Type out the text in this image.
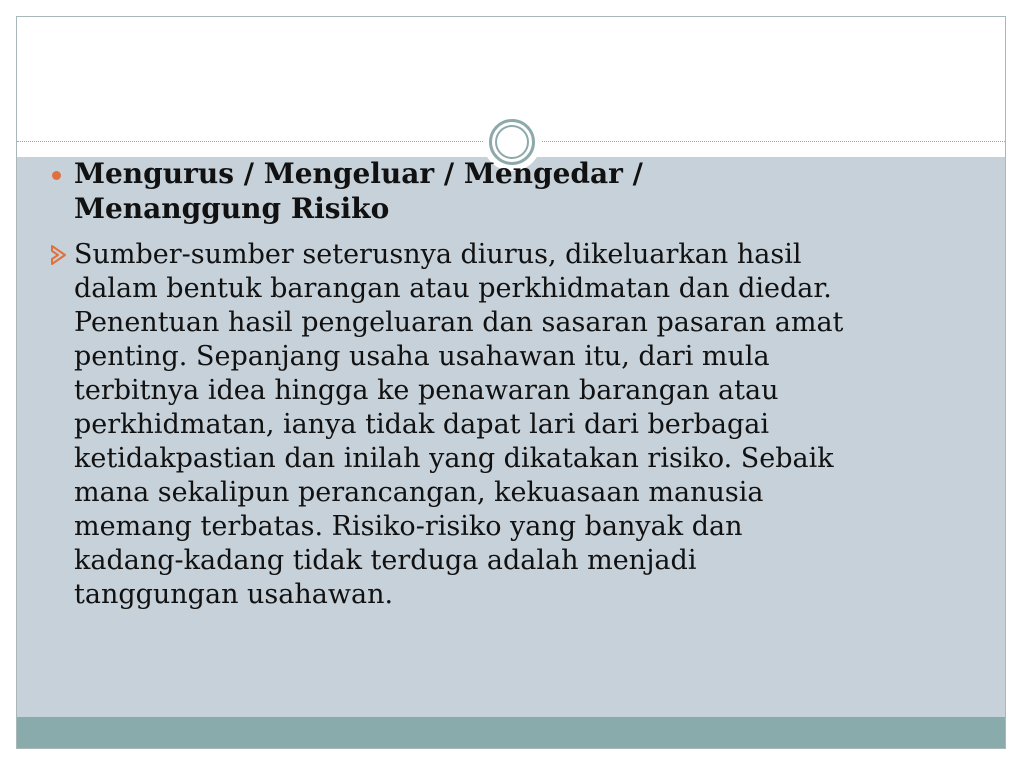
Mengurus / Mengeluar / Mengedar /
Menanggung Risiko
Sumber-sumber seterusnya diurus, dikeluarkan hasil
dalam bentuk barangan atau perkhidmatan dan diedar.
Penentuan hasil pengeluaran dan sasaran pasaran amat
penting. Sepanjang usaha usahawan itu, dari mula
terbitnya idea hingga ke penawaran barangan atau
perkhidmatan, ianya tidak dapat lari dari berbagai
ketidakpastian dan inilah yang dikatakan risiko. Sebaik
mana sekalipun perancangan, kekuasaan manusia
memang terbatas. Risiko-risiko yang banyak dan
kadang-kadang tidak terduga adalah menjadi
tanggungan usahawan.
